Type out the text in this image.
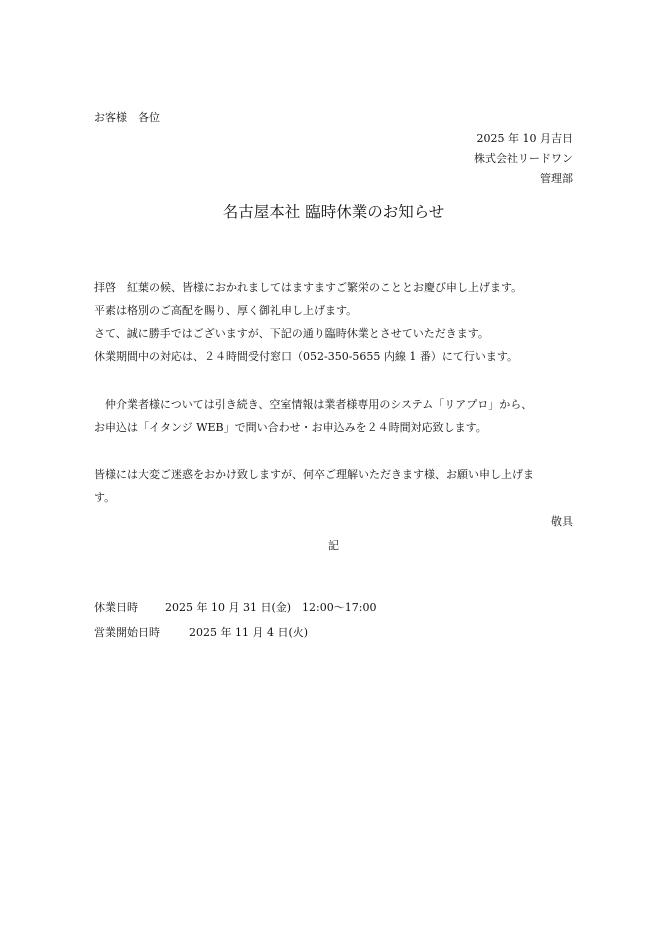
お客様　各位
2025 年 10 月吉日
株式会社リードワン
管理部
名古屋本社 臨時休業のお知らせ
拝啓　紅葉の候、皆様におかれましてはますますご繁栄のこととお慶び申し上げます。
平素は格別のご高配を賜り、厚く御礼申し上げます。
さて、誠に勝手ではございますが、下記の通り臨時休業とさせていただきます。
休業期間中の対応は、２４時間受付窓口（052-350-5655 内線 1 番）にて行います。
　仲介業者様については引き続き、空室情報は業者様専用のシステム「リアプロ」から、
お申込は「イタンジ WEB」で問い合わせ・お申込みを２４時間対応致します。
皆様には大変ご迷惑をおかけ致しますが、何卒ご理解いただきます様、お願い申し上げま
す。
敬具
記
休業日時 2025 年 10 月 31 日(金)　12:00～17:00
営業開始日時	2025 年 11 月 4 日(火)
